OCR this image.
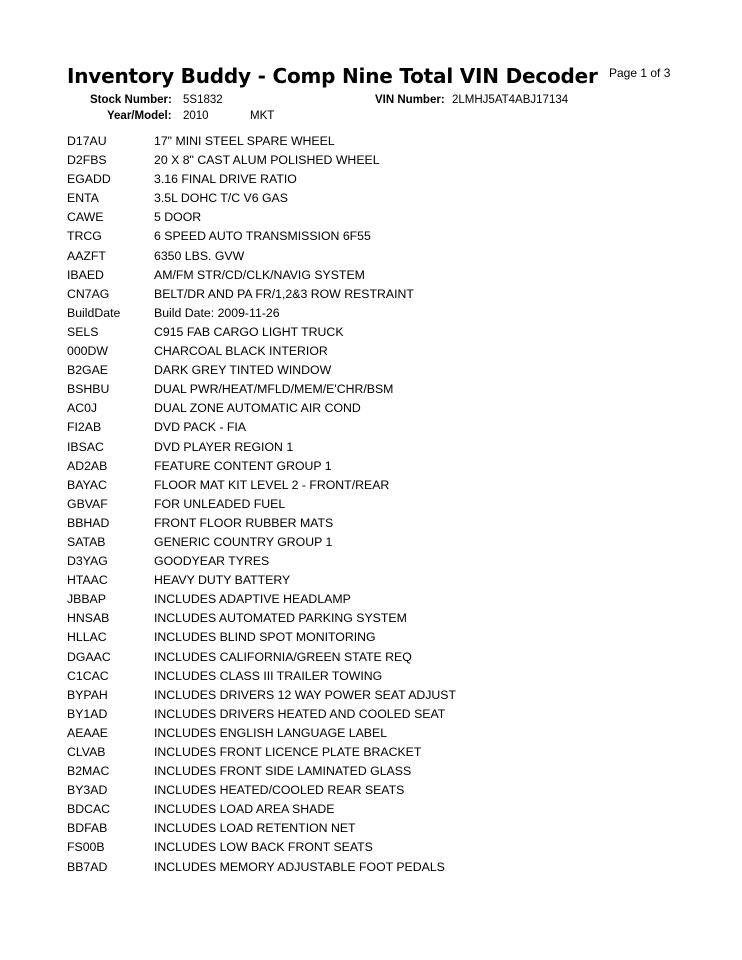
Inventory Buddy - Comp Nine Total VIN Decoder Page 1 of 3
Stock Number: 5S1832	VIN Number: 2LMHJ5AT4ABJ17134
Year/Model: 2010	MKT
D17AU	17" MINI STEEL SPARE WHEEL
D2FBS	20 X 8" CAST ALUM POLISHED WHEEL
EGADD	3.16 FINAL DRIVE RATIO
ENTA	3.5L DOHC T/C V6 GAS
CAWE	5 DOOR
TRCG	6 SPEED AUTO TRANSMISSION 6F55
AAZFT	6350 LBS. GVW
IBAED	AM/FM STR/CD/CLK/NAVIG SYSTEM
CN7AG	BELT/DR AND PA FR/1,2&3 ROW RESTRAINT
BuildDate	Build Date: 2009-11-26
SELS	C915 FAB CARGO LIGHT TRUCK
000DW	CHARCOAL BLACK INTERIOR
B2GAE	DARK GREY TINTED WINDOW
BSHBU	DUAL PWR/HEAT/MFLD/MEM/E'CHR/BSM
AC0J	DUAL ZONE AUTOMATIC AIR COND
FI2AB	DVD PACK - FIA
IBSAC	DVD PLAYER REGION 1
AD2AB	FEATURE CONTENT GROUP 1
BAYAC	FLOOR MAT KIT LEVEL 2 - FRONT/REAR
GBVAF	FOR UNLEADED FUEL
BBHAD	FRONT FLOOR RUBBER MATS
SATAB	GENERIC COUNTRY GROUP 1
D3YAG	GOODYEAR TYRES
HTAAC	HEAVY DUTY BATTERY
JBBAP	INCLUDES ADAPTIVE HEADLAMP
HNSAB	INCLUDES AUTOMATED PARKING SYSTEM
HLLAC	INCLUDES BLIND SPOT MONITORING
DGAAC	INCLUDES CALIFORNIA/GREEN STATE REQ
C1CAC	INCLUDES CLASS III TRAILER TOWING
BYPAH	INCLUDES DRIVERS 12 WAY POWER SEAT ADJUST
BY1AD	INCLUDES DRIVERS HEATED AND COOLED SEAT
AEAAE	INCLUDES ENGLISH LANGUAGE LABEL
CLVAB	INCLUDES FRONT LICENCE PLATE BRACKET
B2MAC	INCLUDES FRONT SIDE LAMINATED GLASS
BY3AD	INCLUDES HEATED/COOLED REAR SEATS
BDCAC	INCLUDES LOAD AREA SHADE
BDFAB	INCLUDES LOAD RETENTION NET
FS00B	INCLUDES LOW BACK FRONT SEATS
BB7AD	INCLUDES MEMORY ADJUSTABLE FOOT PEDALS
